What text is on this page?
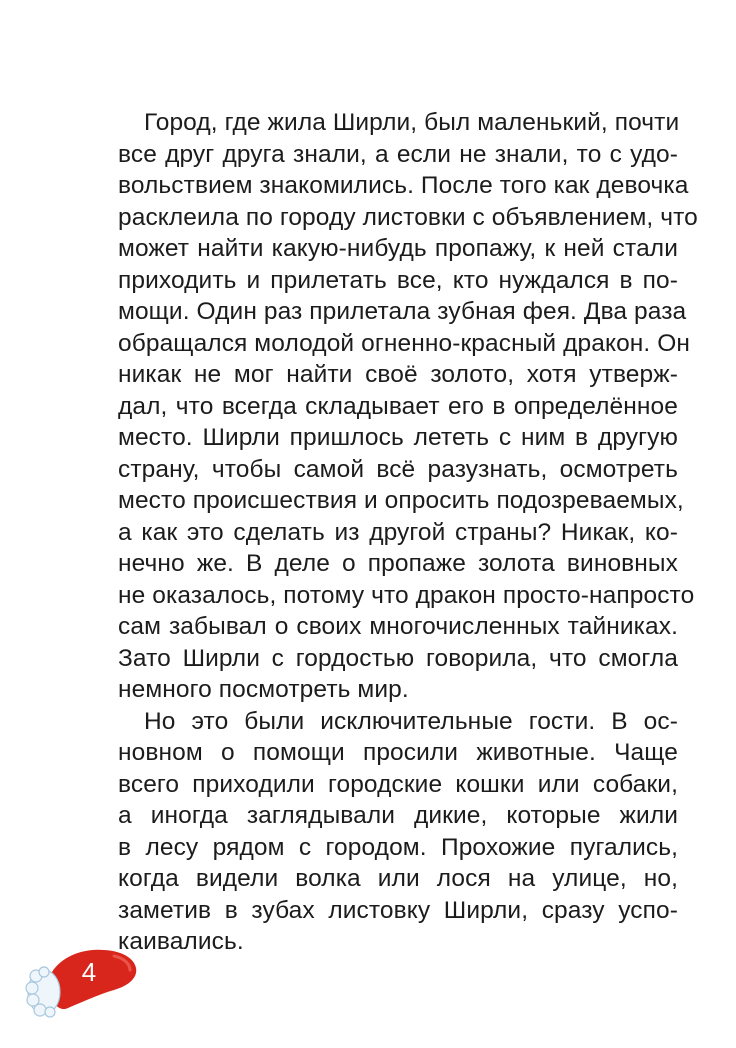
Город, где жила Ширли, был маленький, почти
все друг друга знали, а если не знали, то с удо-
вольствием знакомились. После того как девочка
расклеила по городу листовки с объявлением, что
может найти какую-нибудь пропажу, к ней стали
приходить и прилетать все, кто нуждался в по-
мощи. Один раз прилетала зубная фея. Два раза
обращался молодой огненно-красный дракон. Он
никак не мог найти своё золото, хотя утверж-
дал, что всегда складывает его в определённое
место. Ширли пришлось лететь с ним в другую
страну, чтобы самой всё разузнать, осмотреть
место происшествия и опросить подозреваемых,
а как это сделать из другой страны? Никак, ко-
нечно же. В деле о пропаже золота виновных
не оказалось, потому что дракон просто-напросто
сам забывал о своих многочисленных тайниках.
Зато Ширли с гордостью говорила, что смогла
немного посмотреть мир.
Но это были исключительные гости. В ос-
новном о помощи просили животные. Чаще
всего приходили городские кошки или собаки,
а иногда заглядывали дикие, которые жили
в лесу рядом с городом. Прохожие пугались,
когда видели волка или лося на улице, но,
заметив в зубах листовку Ширли, сразу успо-
каивались.
4
